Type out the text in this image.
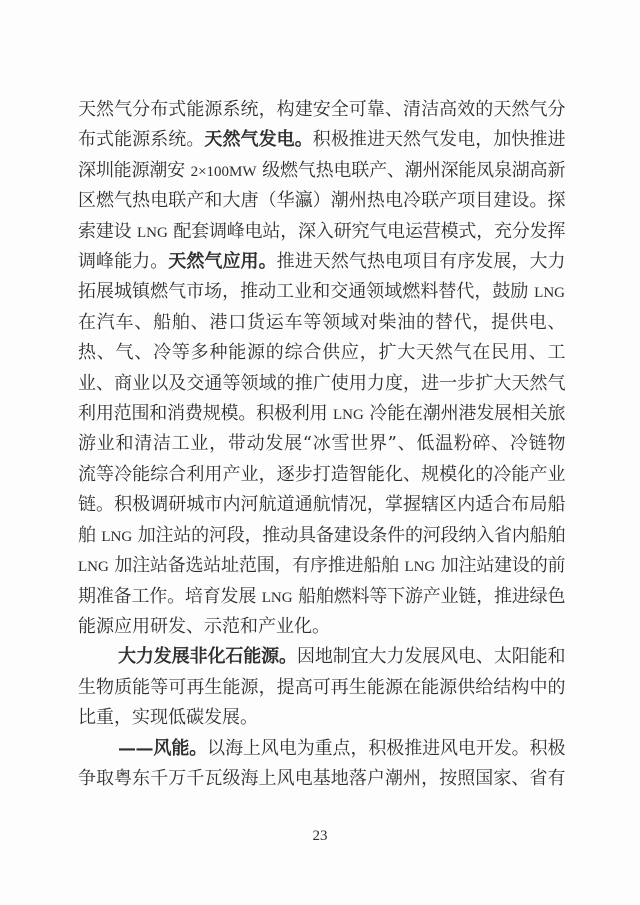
天然气分布式能源系统，构建安全可靠、清洁高效的天然气分
布式能源系统。天然气发电。积极推进天然气发电，加快推进
深圳能源潮安 2×100MW 级燃气热电联产、潮州深能凤泉湖高新
区燃气热电联产和大唐（华瀛）潮州热电冷联产项目建设。探
索建设 LNG 配套调峰电站，深入研究气电运营模式，充分发挥
调峰能力。天然气应用。推进天然气热电项目有序发展，大力
拓展城镇燃气市场，推动工业和交通领域燃料替代，鼓励 LNG
在汽车、船舶、港口货运车等领域对柴油的替代，提供电、
热、气、冷等多种能源的综合供应，扩大天然气在民用、工
业、商业以及交通等领域的推广使用力度，进一步扩大天然气
利用范围和消费规模。积极利用 LNG 冷能在潮州港发展相关旅
游业和清洁工业，带动发展“冰雪世界”、低温粉碎、冷链物
流等冷能综合利用产业，逐步打造智能化、规模化的冷能产业
链。积极调研城市内河航道通航情况，掌握辖区内适合布局船
舶 LNG 加注站的河段，推动具备建设条件的河段纳入省内船舶
LNG 加注站备选站址范围，有序推进船舶 LNG 加注站建设的前
期准备工作。培育发展 LNG 船舶燃料等下游产业链，推进绿色
能源应用研发、示范和产业化。
大力发展非化石能源。因地制宜大力发展风电、太阳能和
生物质能等可再生能源，提高可再生能源在能源供给结构中的
比重，实现低碳发展。
——风能。以海上风电为重点，积极推进风电开发。积极
争取粤东千万千瓦级海上风电基地落户潮州，按照国家、省有
23
